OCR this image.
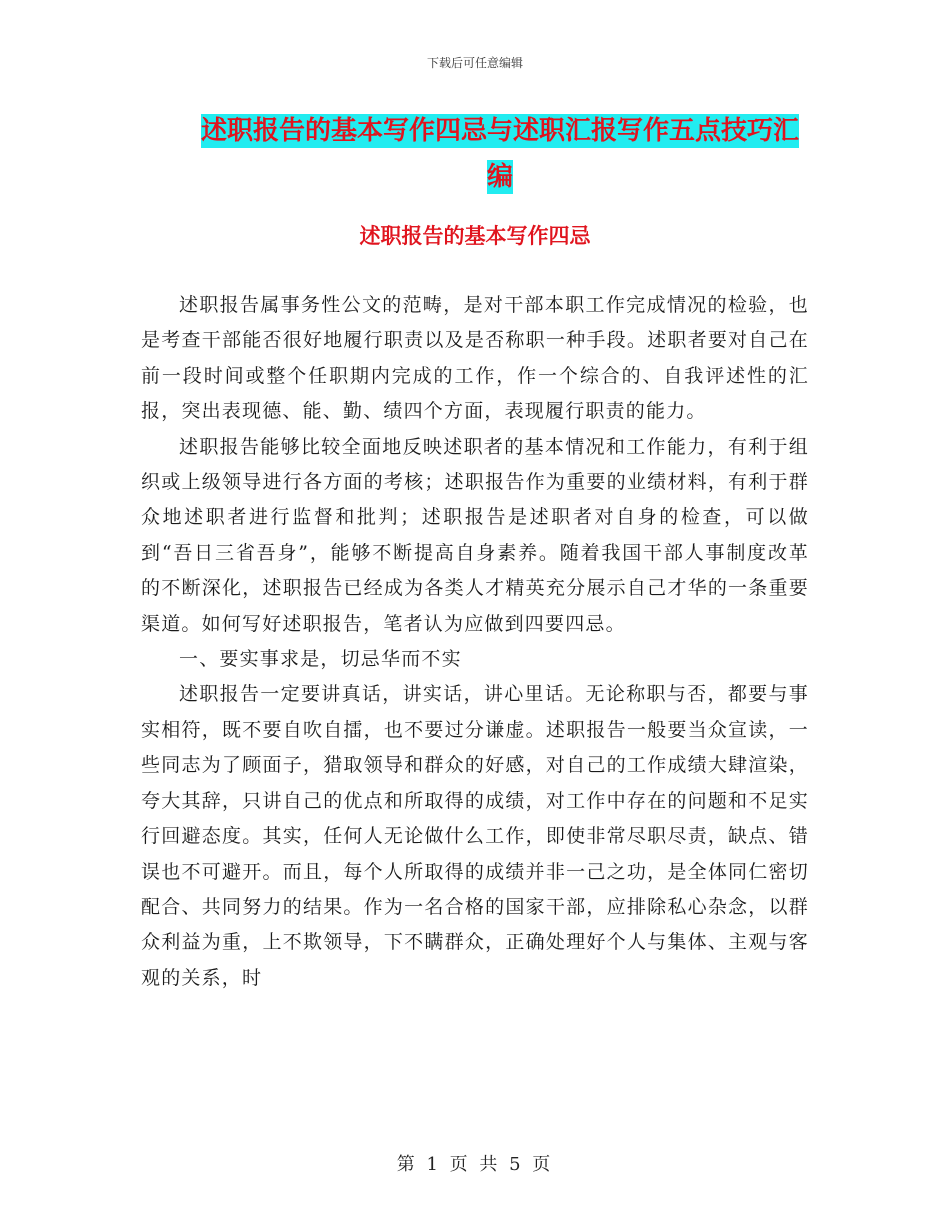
下载后可任意编辑
述职报告的基本写作四忌与述职汇报写作五点技巧汇
编
述职报告的基本写作四忌

述职报告属事务性公文的范畴，是对干部本职工作完成情况的检验，也是考查干部能否很好地履行职责以及是否称职一种手段。述职者要对自己在前一段时间或整个任职期内完成的工作，作一个综合的、自我评述性的汇报，突出表现德、能、勤、绩四个方面，表现履行职责的能力。

述职报告能够比较全面地反映述职者的基本情况和工作能力，有利于组织或上级领导进行各方面的考核；述职报告作为重要的业绩材料，有利于群众地述职者进行监督和批判；述职报告是述职者对自身的检查，可以做到“吾日三省吾身”，能够不断提高自身素养。随着我国干部人事制度改革的不断深化，述职报告已经成为各类人才精英充分展示自己才华的一条重要渠道。如何写好述职报告，笔者认为应做到四要四忌。

一、要实事求是，切忌华而不实

述职报告一定要讲真话，讲实话，讲心里话。无论称职与否，都要与事实相符，既不要自吹自擂，也不要过分谦虚。述职报告一般要当众宣读，一些同志为了顾面子，猎取领导和群众的好感，对自己的工作成绩大肆渲染，夸大其辞，只讲自己的优点和所取得的成绩，对工作中存在的问题和不足实行回避态度。其实，任何人无论做什么工作，即使非常尽职尽责，缺点、错误也不可避开。而且，每个人所取得的成绩并非一己之功，是全体同仁密切配合、共同努力的结果。作为一名合格的国家干部，应排除私心杂念，以群众利益为重，上不欺领导，下不瞒群众，正确处理好个人与集体、主观与客观的关系，时

第 1 页 共 5 页
